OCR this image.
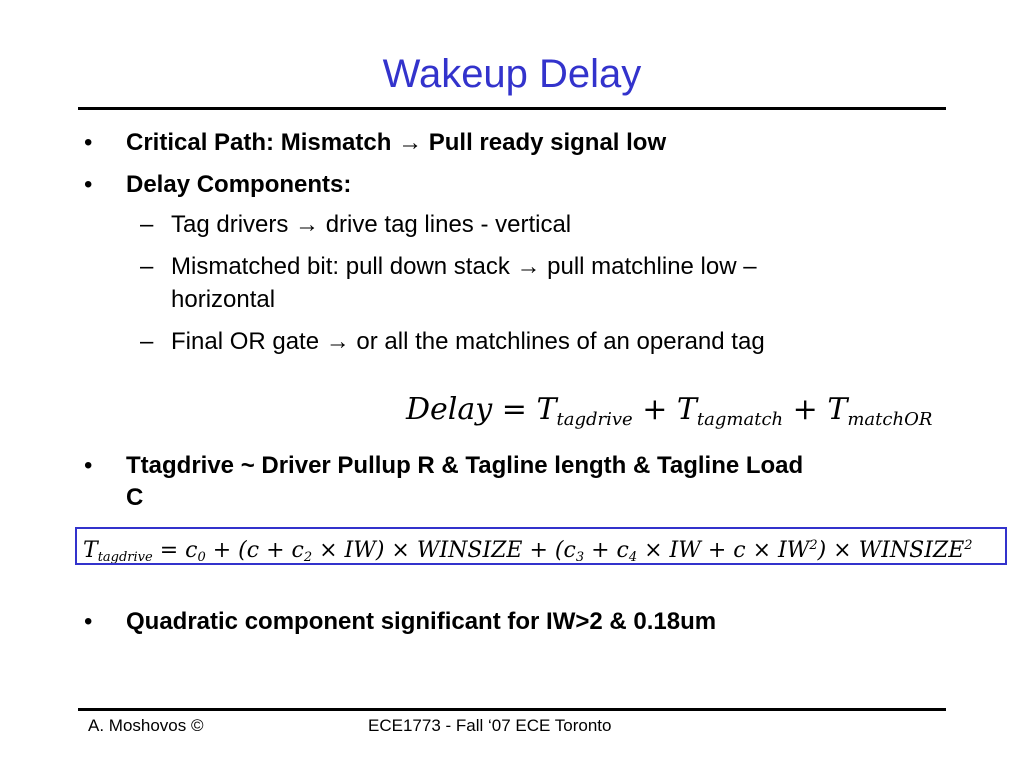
Wakeup Delay
•	Critical Path: Mismatch → Pull ready signal low
•	Delay Components:
– Tag drivers → drive tag lines - vertical
– Mismatched bit: pull down stack → pull matchline low –
horizontal
– Final OR gate → or all the matchlines of an operand tag
Delay = $T_{tagdrive} + T_{tagmatch} + T_{matchOR}$
•	Ttagdrive ~ Driver Pullup R & Tagline length & Tagline Load
C
$T_{tagdrive} = c_0 + (c + c_2 \times IW)$ × WINSIZE + ($c_3 + c_4$ × IW + $c \times IW^2$) × $WINSIZE^2$
•	Quadratic component significant for IW>2 & 0.18um
A. Moshovos ©	ECE1773 - Fall ‘07 ECE Toronto
